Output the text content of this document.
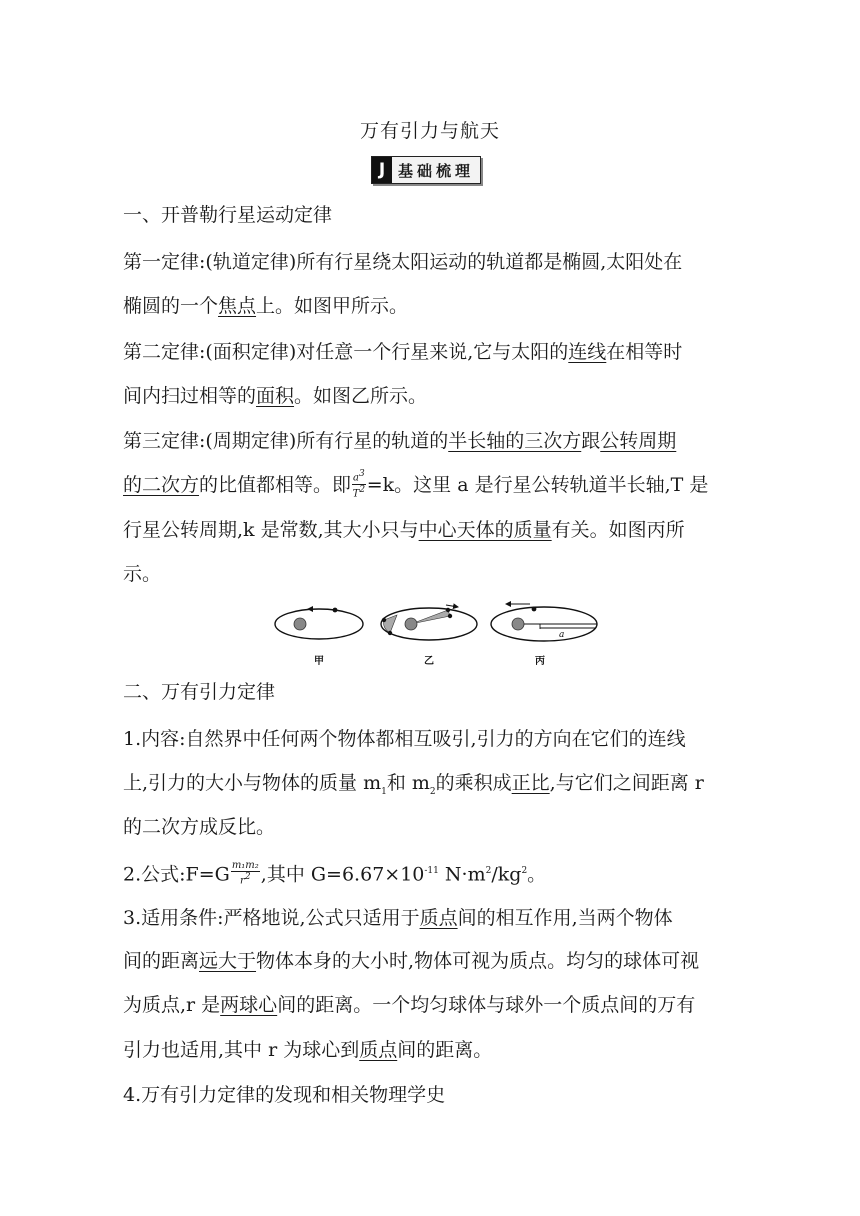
万有引力与航天
J 基础梳理
一、开普勒行星运动定律
第一定律:(轨道定律)所有行星绕太阳运动的轨道都是椭圆,太阳处在
椭圆的一个焦点上。如图甲所示。
第二定律:(面积定律)对任意一个行星来说,它与太阳的连线在相等时
间内扫过相等的面积。如图乙所示。
第三定律:(周期定律)所有行星的轨道的半长轴的三次方跟公转周期
的二次方的比值都相等。即 $\frac{a^3}{T^2} =k$。这里 a 是行星公转轨道半长轴,T 是
行星公转周期,k 是常数,其大小只与中心天体的质量有关。如图丙所
示。
a
甲	乙	丙
二、万有引力定律
1.内容:自然界中任何两个物体都相互吸引,引力的方向在它们的连线
上,引力的大小与物体的质量 $m_1$和 $m_2$的乘积成正比,与它们之间距离 r
的二次方成反比。
2.公式:F=G $\frac{\text{m₁m₂}}{r^2}$ ,其中 $G=6.67\times 10^{-11}$ $N\cdot m^2/kg^2$。
3.适用条件:严格地说,公式只适用于质点间的相互作用,当两个物体
间的距离远大于物体本身的大小时,物体可视为质点。均匀的球体可视
为质点,r 是两球心间的距离。一个均匀球体与球外一个质点间的万有
引力也适用,其中 r 为球心到质点间的距离。
4.万有引力定律的发现和相关物理学史
